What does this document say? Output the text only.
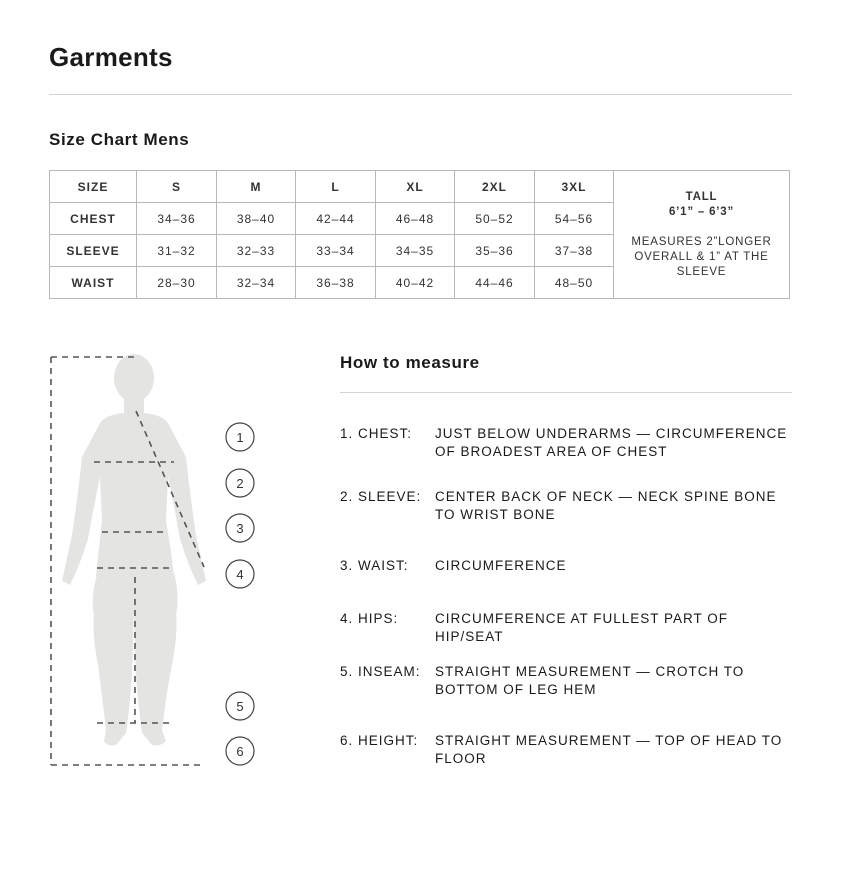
Garments
Size Chart Mens
SIZE	S	M	L	XL	2XL	3XL	TALL
6’1” – 6’3”
MEASURES 2”LONGER OVERALL & 1” AT THE SLEEVE

CHEST	34–36	38–40	42–44	46–48	50–52	54–56	
SLEEVE	31–32	32–33	33–34	34–35	35–36	37–38	
WAIST	28–30	32–34	36–38	40–42	44–46	48–50	
1
2
3
4
5
6
How to measure
1. CHEST:	JUST BELOW UNDERARMS — CIRCUMFERENCE OF BROADEST AREA OF CHEST
2. SLEEVE:	CENTER BACK OF NECK — NECK SPINE BONE TO WRIST BONE
3. WAIST:	CIRCUMFERENCE
4. HIPS:	CIRCUMFERENCE AT FULLEST PART OF HIP/SEAT
5. INSEAM:	STRAIGHT MEASUREMENT — CROTCH TO BOTTOM OF LEG HEM
6. HEIGHT:	STRAIGHT MEASUREMENT — TOP OF HEAD TO FLOOR
